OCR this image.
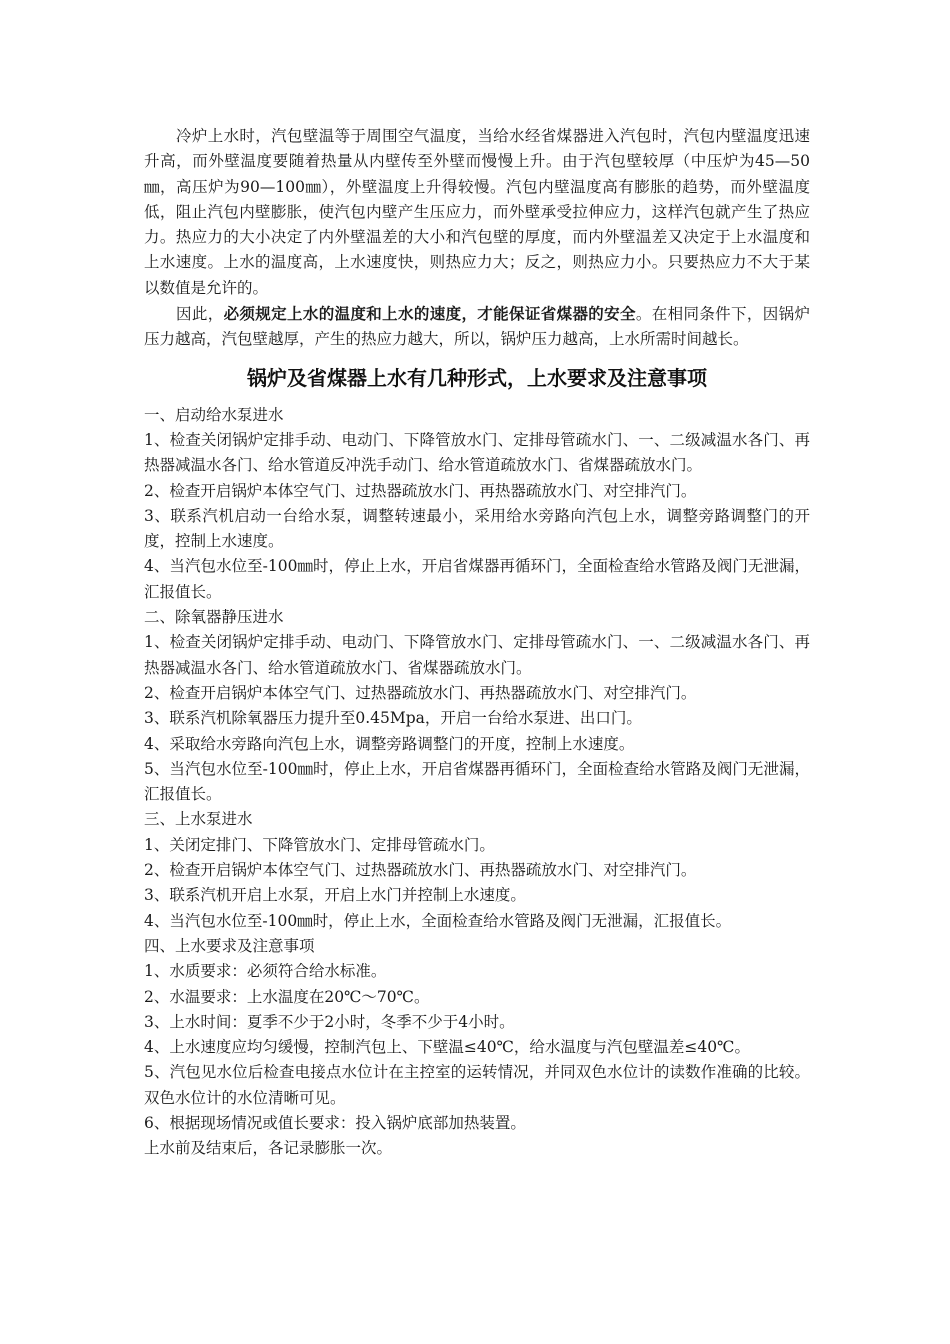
冷炉上水时，汽包壁温等于周围空气温度，当给水经省煤器进入汽包时，汽包内壁温度迅速升高，而外壁温度要随着热量从内壁传至外壁而慢慢上升。由于汽包壁较厚（中压炉为45—50㎜，高压炉为90—100㎜），外壁温度上升得较慢。汽包内壁温度高有膨胀的趋势，而外壁温度低，阻止汽包内壁膨胀，使汽包内壁产生压应力，而外壁承受拉伸应力，这样汽包就产生了热应力。热应力的大小决定了内外壁温差的大小和汽包壁的厚度，而内外壁温差又决定于上水温度和上水速度。上水的温度高，上水速度快，则热应力大；反之，则热应力小。只要热应力不大于某以数值是允许的。

因此，必须规定上水的温度和上水的速度，才能保证省煤器的安全。在相同条件下，因锅炉压力越高，汽包壁越厚，产生的热应力越大，所以，锅炉压力越高，上水所需时间越长。

锅炉及省煤器上水有几种形式，上水要求及注意事项

一、启动给水泵进水

1、检查关闭锅炉定排手动、电动门、下降管放水门、定排母管疏水门、一、二级减温水各门、再热器减温水各门、给水管道反冲洗手动门、给水管道疏放水门、省煤器疏放水门。

2、检查开启锅炉本体空气门、过热器疏放水门、再热器疏放水门、对空排汽门。

3、联系汽机启动一台给水泵，调整转速最小，采用给水旁路向汽包上水，调整旁路调整门的开度，控制上水速度。

4、当汽包水位至-100㎜时，停止上水，开启省煤器再循环门，全面检查给水管路及阀门无泄漏，汇报值长。

二、除氧器静压进水

1、检查关闭锅炉定排手动、电动门、下降管放水门、定排母管疏水门、一、二级减温水各门、再热器减温水各门、给水管道疏放水门、省煤器疏放水门。

2、检查开启锅炉本体空气门、过热器疏放水门、再热器疏放水门、对空排汽门。

3、联系汽机除氧器压力提升至0.45Mpa，开启一台给水泵进、出口门。

4、采取给水旁路向汽包上水，调整旁路调整门的开度，控制上水速度。

5、当汽包水位至-100㎜时，停止上水，开启省煤器再循环门，全面检查给水管路及阀门无泄漏，汇报值长。

三、上水泵进水

1、关闭定排门、下降管放水门、定排母管疏水门。

2、检查开启锅炉本体空气门、过热器疏放水门、再热器疏放水门、对空排汽门。

3、联系汽机开启上水泵，开启上水门并控制上水速度。

4、当汽包水位至-100㎜时，停止上水，全面检查给水管路及阀门无泄漏，汇报值长。

四、上水要求及注意事项

1、水质要求：必须符合给水标准。

2、水温要求：上水温度在20℃～70℃。

3、上水时间：夏季不少于2小时，冬季不少于4小时。

4、上水速度应均匀缓慢，控制汽包上、下壁温≤40℃，给水温度与汽包壁温差≤40℃。

5、汽包见水位后检查电接点水位计在主控室的运转情况，并同双色水位计的读数作准确的比较。双色水位计的水位清晰可见。

6、根据现场情况或值长要求：投入锅炉底部加热装置。

上水前及结束后，各记录膨胀一次。
